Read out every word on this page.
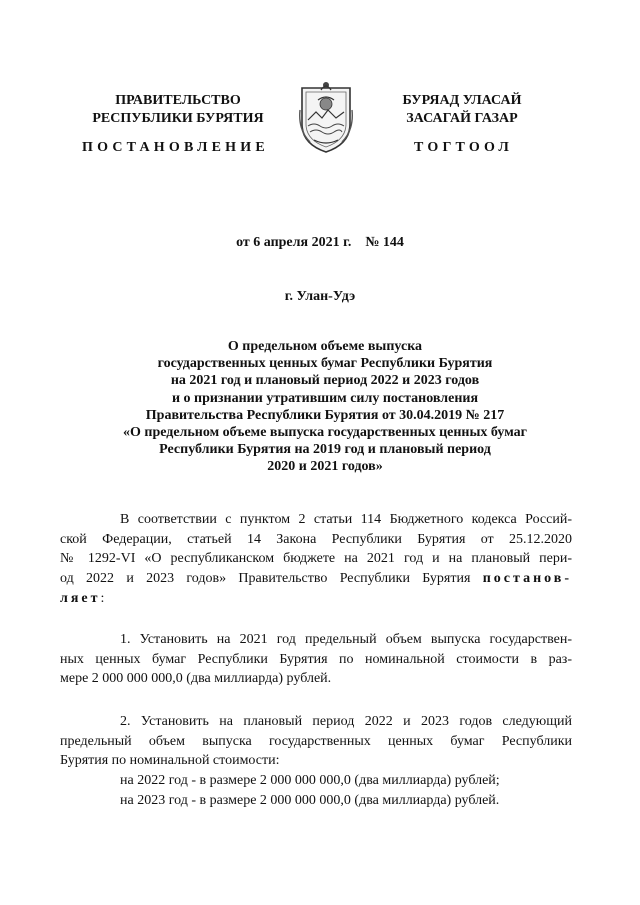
ПРАВИТЕЛЬСТВО
РЕСПУБЛИКИ БУРЯТИЯ
БУРЯАД УЛАСАЙ
ЗАСАГАЙ ГАЗАР
ПОСТАНОВЛЕНИЕ	ТОГТООЛ
от 6 апреля 2021 г. № 144
г. Улан-Удэ
О предельном объеме выпуска
государственных ценных бумаг Республики Бурятия
на 2021 год и плановый период 2022 и 2023 годов
и о признании утратившим силу постановления
Правительства Республики Бурятия от 30.04.2019 № 217
«О предельном объеме выпуска государственных ценных бумаг
Республики Бурятия на 2019 год и плановый период
2020 и 2021 годов»
В соответствии с пунктом 2 статьи 114 Бюджетного кодекса Россий-
ской Федерации, статьей 14 Закона Республики Бурятия от 25.12.2020
№ 1292-VI «О республиканском бюджете на 2021 год и на плановый пери-
од 2022 и 2023 годов» Правительство Республики Бурятия постанов-
ляет:
1. Установить на 2021 год предельный объем выпуска государствен-
ных ценных бумаг Республики Бурятия по номинальной стоимости в раз-
мере 2 000 000 000,0 (два миллиарда) рублей.
2. Установить на плановый период 2022 и 2023 годов следующий
предельный объем выпуска государственных ценных бумаг Республики
Бурятия по номинальной стоимости:
на 2022 год - в размере 2 000 000 000,0 (два миллиарда) рублей;
на 2023 год - в размере 2 000 000 000,0 (два миллиарда) рублей.
